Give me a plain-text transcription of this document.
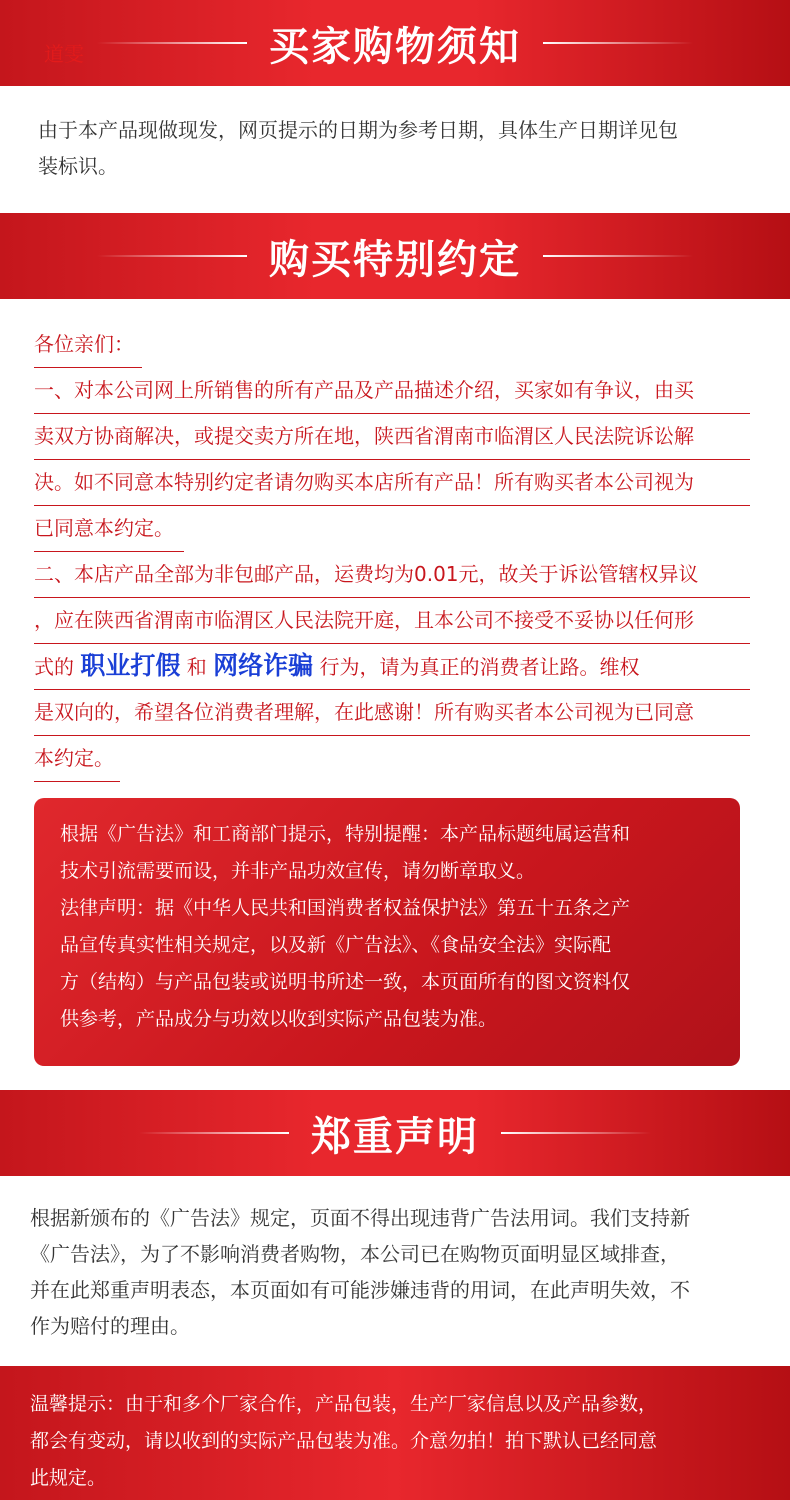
买家购物须知
道雯
由于本产品现做现发，网页提示的日期为参考日期，具体生产日期详见包
装标识。
购买特别约定
各位亲们：
一、对本公司网上所销售的所有产品及产品描述介绍，买家如有争议，由买
卖双方协商解决，或提交卖方所在地，陕西省渭南市临渭区人民法院诉讼解
决。如不同意本特别约定者请勿购买本店所有产品！所有购买者本公司视为
已同意本约定。
二、本店产品全部为非包邮产品，运费均为0.01元，故关于诉讼管辖权异议
，应在陕西省渭南市临渭区人民法院开庭，且本公司不接受不妥协以任何形
式的 职业打假 和 网络诈骗 行为，请为真正的消费者让路。维权
是双向的，希望各位消费者理解，在此感谢！所有购买者本公司视为已同意
本约定。
根据《广告法》和工商部门提示，特别提醒：本产品标题纯属运营和
技术引流需要而设，并非产品功效宣传，请勿断章取义。
法律声明：据《中华人民共和国消费者权益保护法》第五十五条之产
品宣传真实性相关规定，以及新《广告法》、《食品安全法》实际配
方（结构）与产品包装或说明书所述一致，本页面所有的图文资料仅
供参考，产品成分与功效以收到实际产品包装为准。
郑重声明
根据新颁布的《广告法》规定，页面不得出现违背广告法用词。我们支持新
《广告法》，为了不影响消费者购物，本公司已在购物页面明显区域排查，
并在此郑重声明表态，本页面如有可能涉嫌违背的用词，在此声明失效，不
作为赔付的理由。
温馨提示：由于和多个厂家合作，产品包装，生产厂家信息以及产品参数，
都会有变动，请以收到的实际产品包装为准。介意勿拍！拍下默认已经同意
此规定。
